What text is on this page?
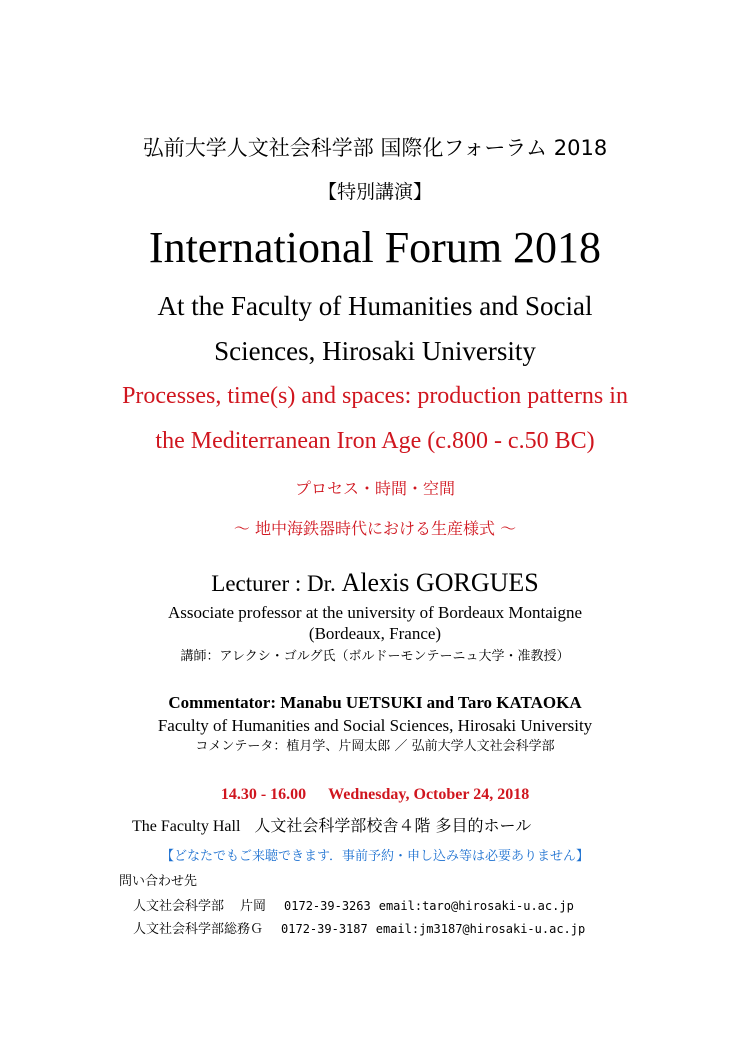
弘前大学人文社会科学部 国際化フォーラム 2018
【特別講演】
International Forum 2018
At the Faculty of Humanities and Social
Sciences, Hirosaki University
Processes, time(s) and spaces: production patterns in
the Mediterranean Iron Age (c.800 - c.50 BC)
プロセス・時間・空間
～ 地中海鉄器時代における生産様式 ～
Lecturer : Dr. Alexis GORGUES
Associate professor at the university of Bordeaux Montaigne
(Bordeaux, France)
講師：アレクシ・ゴルグ氏（ボルドーモンテーニュ大学・准教授）
Commentator: Manabu UETSUKI and Taro KATAOKA
Faculty of Humanities and Social Sciences, Hirosaki University
コメンテータ：植月学、片岡太郎 ／ 弘前大学人文社会科学部
14.30 - 16.00 Wednesday, October 24, 2018
The Faculty Hall 人文社会科学部校舎４階 多目的ホール
【どなたでもご来聴できます．事前予約・申し込み等は必要ありません】
問い合わせ先
人文社会科学部 片岡 0172-39-3263 email:taro@hirosaki-u.ac.jp
人文社会科学部総務Ｇ 0172-39-3187 email:jm3187@hirosaki-u.ac.jp
